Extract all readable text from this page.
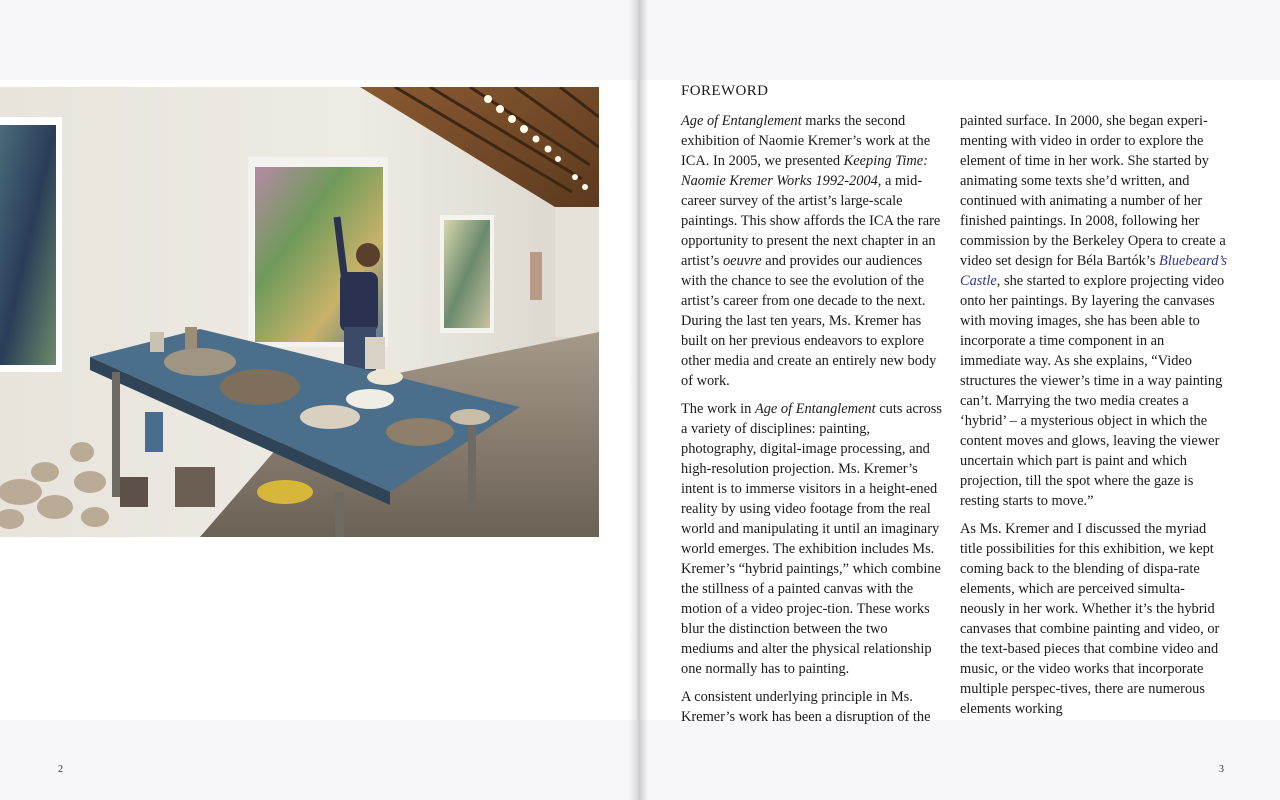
2
FOREWORD

Age of Entanglement marks the second exhibition of Naomie Kremer’s work at the ICA. In 2005, we presented Keeping Time: Naomie Kremer Works 1992-2004, a mid-career survey of the artist’s large-scale paintings. This show affords the ICA the rare opportunity to present the next chapter in an artist’s oeuvre and provides our audiences with the chance to see the evolution of the artist’s career from one decade to the next. During the last ten years, Ms. Kremer has built on her previous endeavors to explore other media and create an entirely new body of work.

The work in Age of Entanglement cuts across a variety of disciplines: painting, photography, digital-image processing, and high-resolution projection. Ms. Kremer’s intent is to immerse visitors in a height-ened reality by using video footage from the real world and manipulating it until an imaginary world emerges. The exhibition includes Ms. Kremer’s “hybrid paintings,” which combine the stillness of a painted canvas with the motion of a video projec-tion. These works blur the distinction between the two mediums and alter the physical relationship one normally has to painting.

A consistent underlying principle in Ms. Kremer’s work has been a disruption of the

painted surface. In 2000, she began experi-menting with video in order to explore the element of time in her work. She started by animating some texts she’d written, and continued with animating a number of her finished paintings. In 2008, following her commission by the Berkeley Opera to create a video set design for Béla Bartók’s Bluebeard’s Castle, she started to explore projecting video onto her paintings. By layering the canvases with moving images, she has been able to incorporate a time component in an immediate way. As she explains, “Video structures the viewer’s time in a way painting can’t. Marrying the two media creates a ‘hybrid’ – a mysterious object in which the content moves and glows, leaving the viewer uncertain which part is paint and which projection, till the spot where the gaze is resting starts to move.”

As Ms. Kremer and I discussed the myriad title possibilities for this exhibition, we kept coming back to the blending of dispa-rate elements, which are perceived simulta-neously in her work. Whether it’s the hybrid canvases that combine painting and video, or the text-based pieces that combine video and music, or the video works that incorporate multiple perspec-tives, there are numerous elements working

3
